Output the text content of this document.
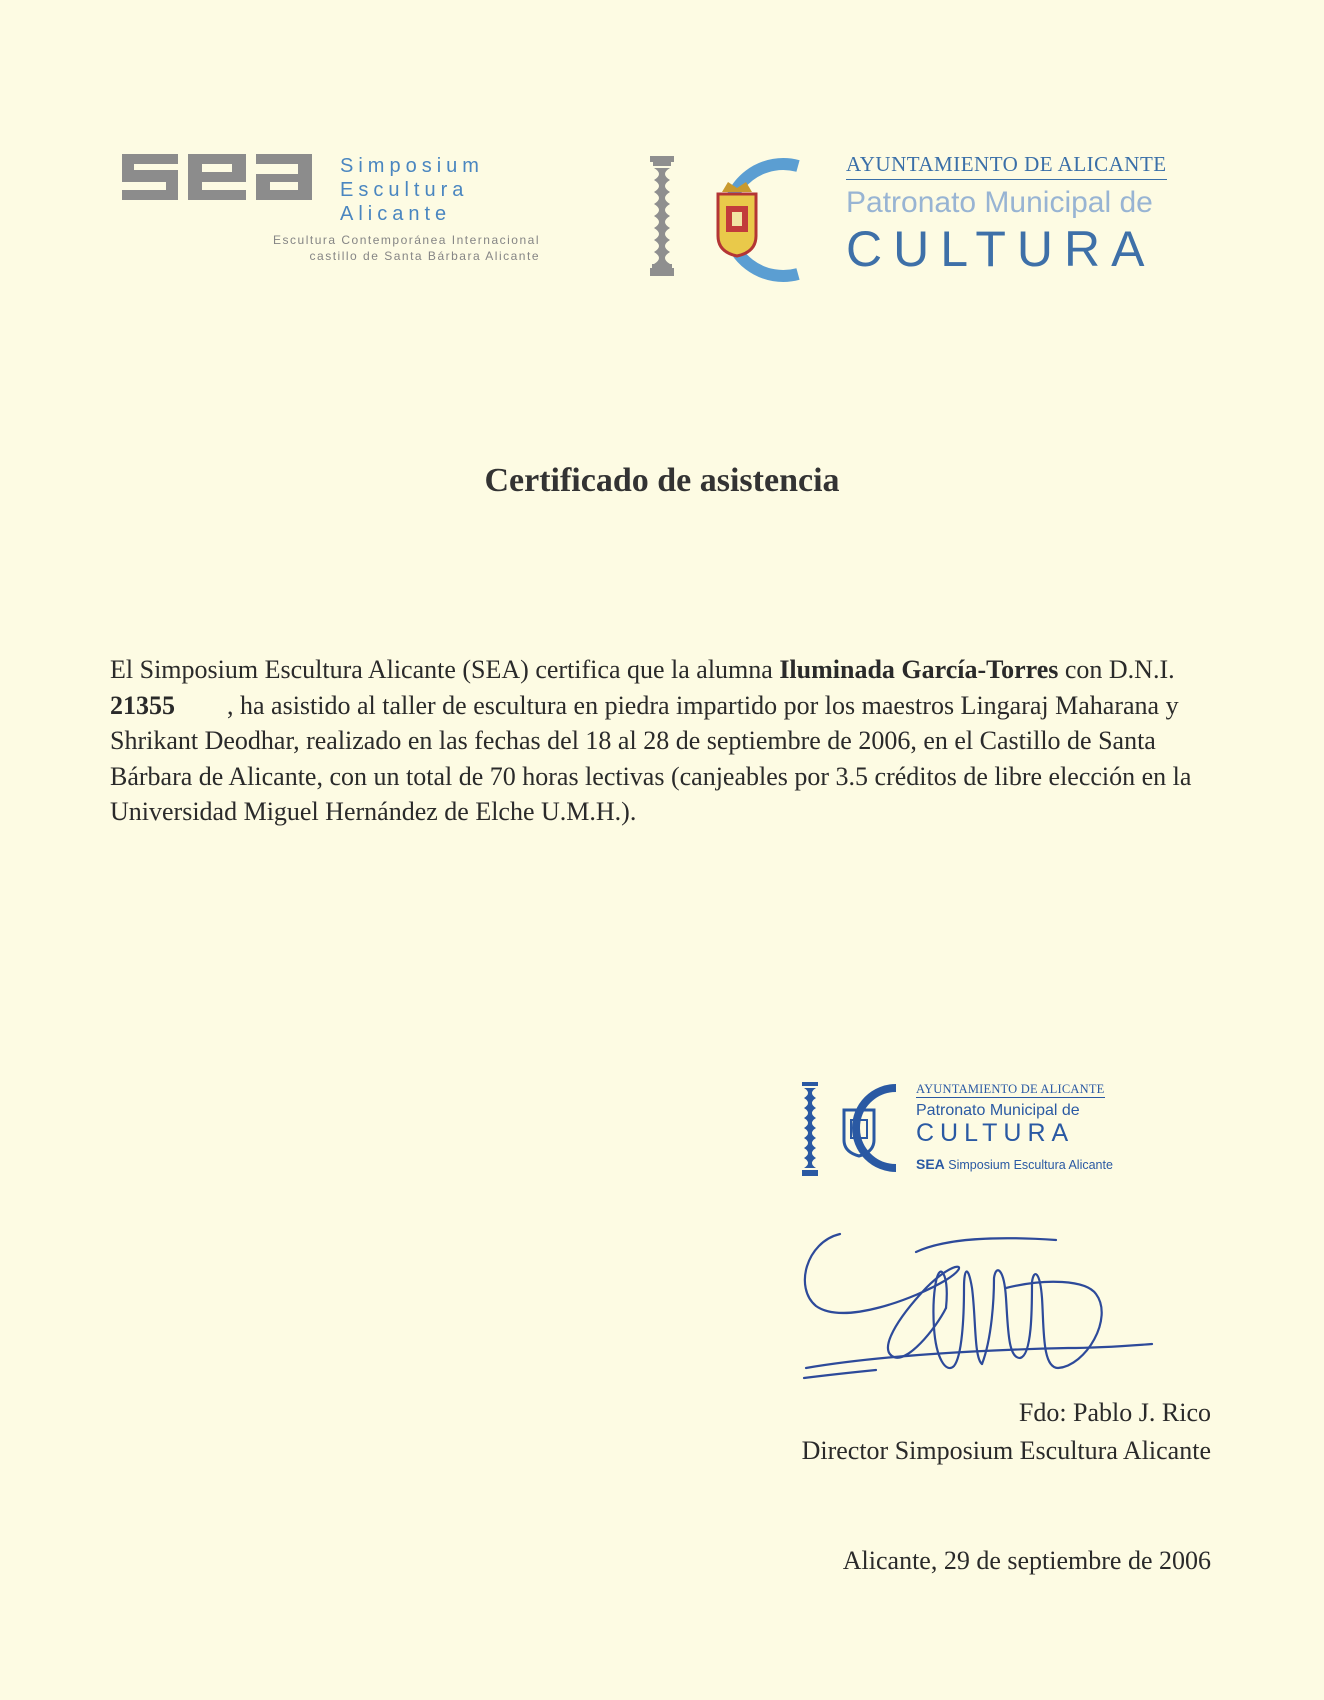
Simposium
Escultura
Alicante
Escultura Contemporánea Internacional
castillo de Santa Bárbara Alicante
AYUNTAMIENTO DE ALICANTE
Patronato Municipal de
CULTURA
Certificado de asistencia
El Simposium Escultura Alicante (SEA) certifica que la alumna Iluminada García-Torres con D.N.I. 21355 , ha asistido al taller de escultura en piedra impartido por los maestros Lingaraj Maharana y Shrikant Deodhar, realizado en las fechas del 18 al 28 de septiembre de 2006, en el Castillo de Santa Bárbara de Alicante, con un total de 70 horas lectivas (canjeables por 3.5 créditos de libre elección en la Universidad Miguel Hernández de Elche U.M.H.).
AYUNTAMIENTO DE ALICANTE
Patronato Municipal de
CULTURA
SEA Simposium Escultura Alicante
Fdo: Pablo J. Rico
Director Simposium Escultura Alicante
Alicante, 29 de septiembre de 2006
